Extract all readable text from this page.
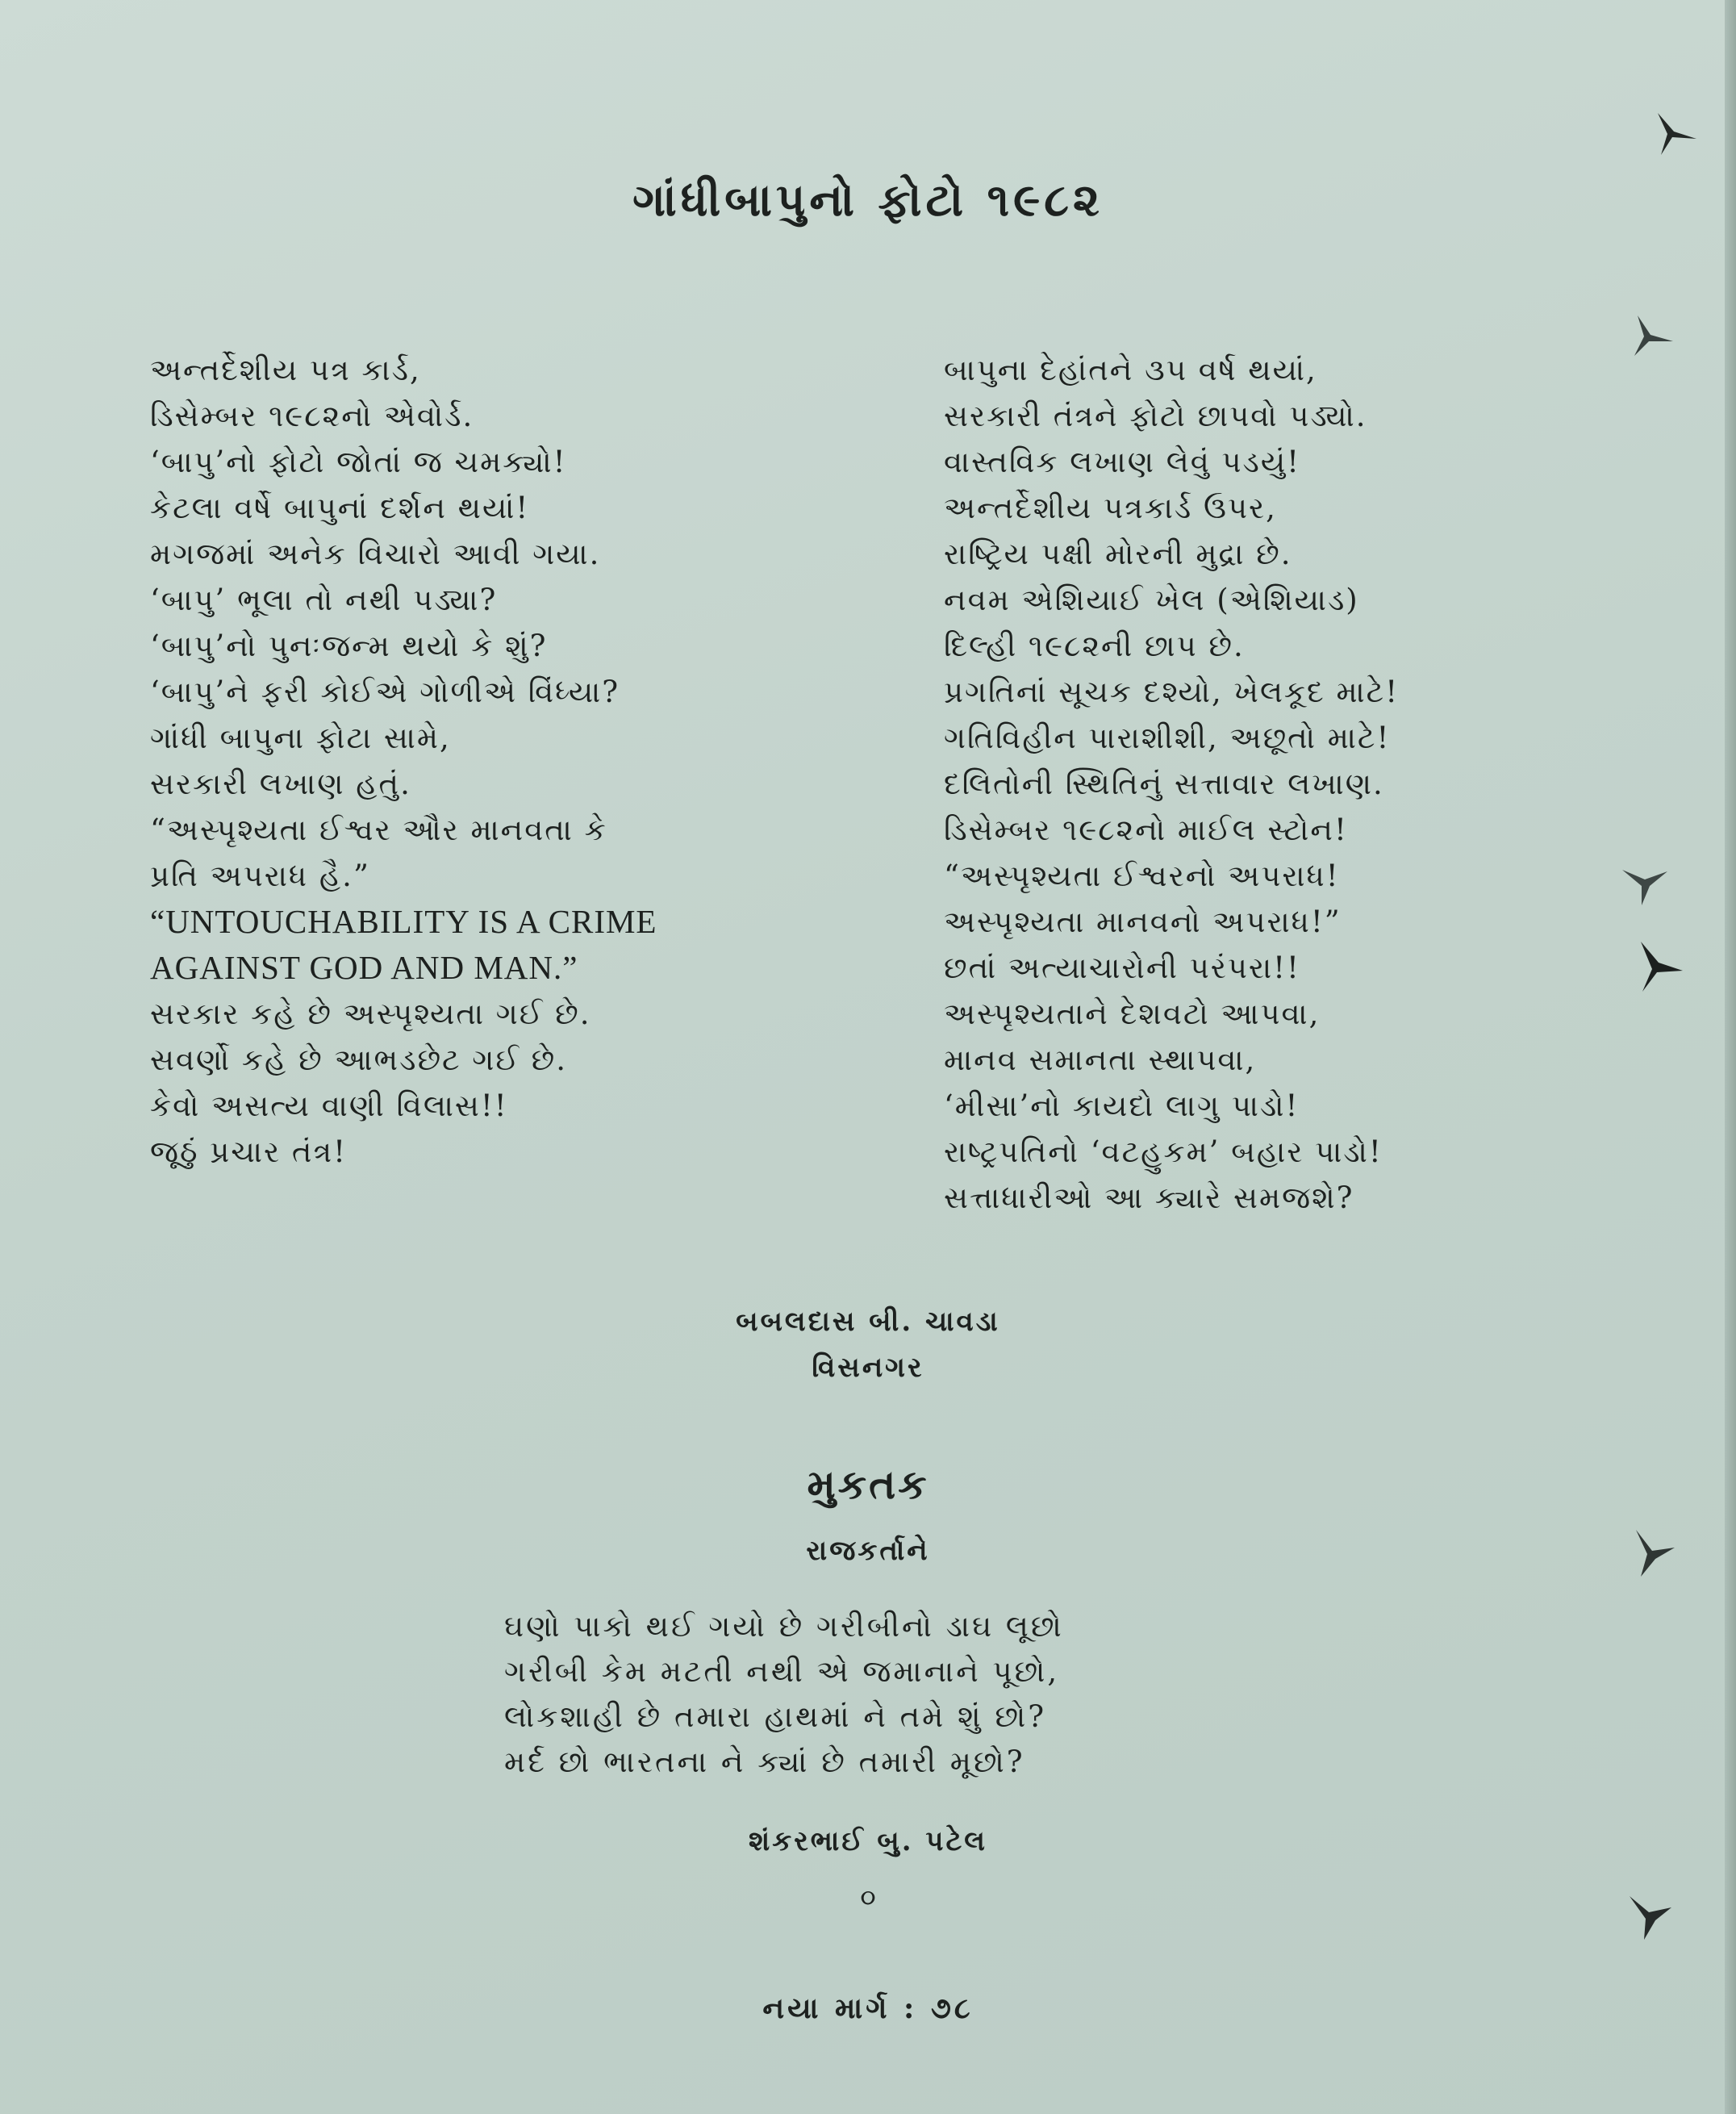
ગાંધીબાપુનો ફોટો ૧૯૮૨
અન્તર્દેશીય પત્ર કાર્ડ,
ડિસેમ્બર ૧૯૮૨નો એવોર્ડ.
‘બાપુ’નો ફોટો જોતાં જ ચમક્યો!
કેટલા વર્ષે બાપુનાં દર્શન થયાં!
મગજમાં અનેક વિચારો આવી ગયા.
‘બાપુ’ ભૂલા તો નથી પડ્યા?
‘બાપુ’નો પુનઃજન્મ થયો કે શું?
‘બાપુ’ને ફરી કોઈએ ગોળીએ વિંધ્યા?
ગાંધી બાપુના ફોટા સામે,
સરકારી લખાણ હતું.
“અસ્પૃશ્યતા ઈશ્વર ઔર માનવતા કે
પ્રતિ અપરાધ હૈ.”
“UNTOUCHABILITY IS A CRIME
AGAINST GOD AND MAN.”
સરકાર કહે છે અસ્પૃશ્યતા ગઈ છે.
સવર્ણો કહે છે આભડછેટ ગઈ છે.
કેવો અસત્ય વાણી વિલાસ!!
જૂઠું પ્રચાર તંત્ર!
બાપુના દેહાંતને ૩૫ વર્ષ થયાં,
સરકારી તંત્રને ફોટો છાપવો પડ્યો.
વાસ્તવિક લખાણ લેવું પડયું!
અન્તર્દેશીય પત્રકાર્ડ ઉપર,
રાષ્ટ્રિય પક્ષી મોરની મુદ્રા છે.
નવમ એશિયાઈ ખેલ (એશિયાડ)
દિલ્હી ૧૯૮૨ની છાપ છે.
પ્રગતિનાં સૂચક દશ્યો, ખેલકૂદ માટે!
ગતિવિહીન પારાશીશી, અછૂતો માટે!
દલિતોની સ્થિતિનું સત્તાવાર લખાણ.
ડિસેમ્બર ૧૯૮૨નો માઈલ સ્ટોન!
“અસ્પૃશ્યતા ઈશ્વરનો અપરાધ!
અસ્પૃશ્યતા માનવનો અપરાધ!”
છતાં અત્યાચારોની પરંપરા!!
અસ્પૃશ્યતાને દેશવટો આપવા,
માનવ સમાનતા સ્થાપવા,
‘મીસા’નો કાયદો લાગુ પાડો!
રાષ્ટ્રપતિનો ‘વટહુકમ’ બહાર પાડો!
સત્તાધારીઓ આ ક્યારે સમજશે?
બબલદાસ બી. ચાવડા
વિસનગર
મુકતક
રાજકર્તાને
ઘણો પાકો થઈ ગયો છે ગરીબીનો ડાઘ લૂછો
ગરીબી કેમ મટતી નથી એ જમાનાને પૂછો,
લોકશાહી છે તમારા હાથમાં ને તમે શું છો?
મર્દ છો ભારતના ને ક્યાં છે તમારી મૂછો?
શંકરભાઈ બુ. પટેલ
૦
નયા માર્ગ : ૭૮
